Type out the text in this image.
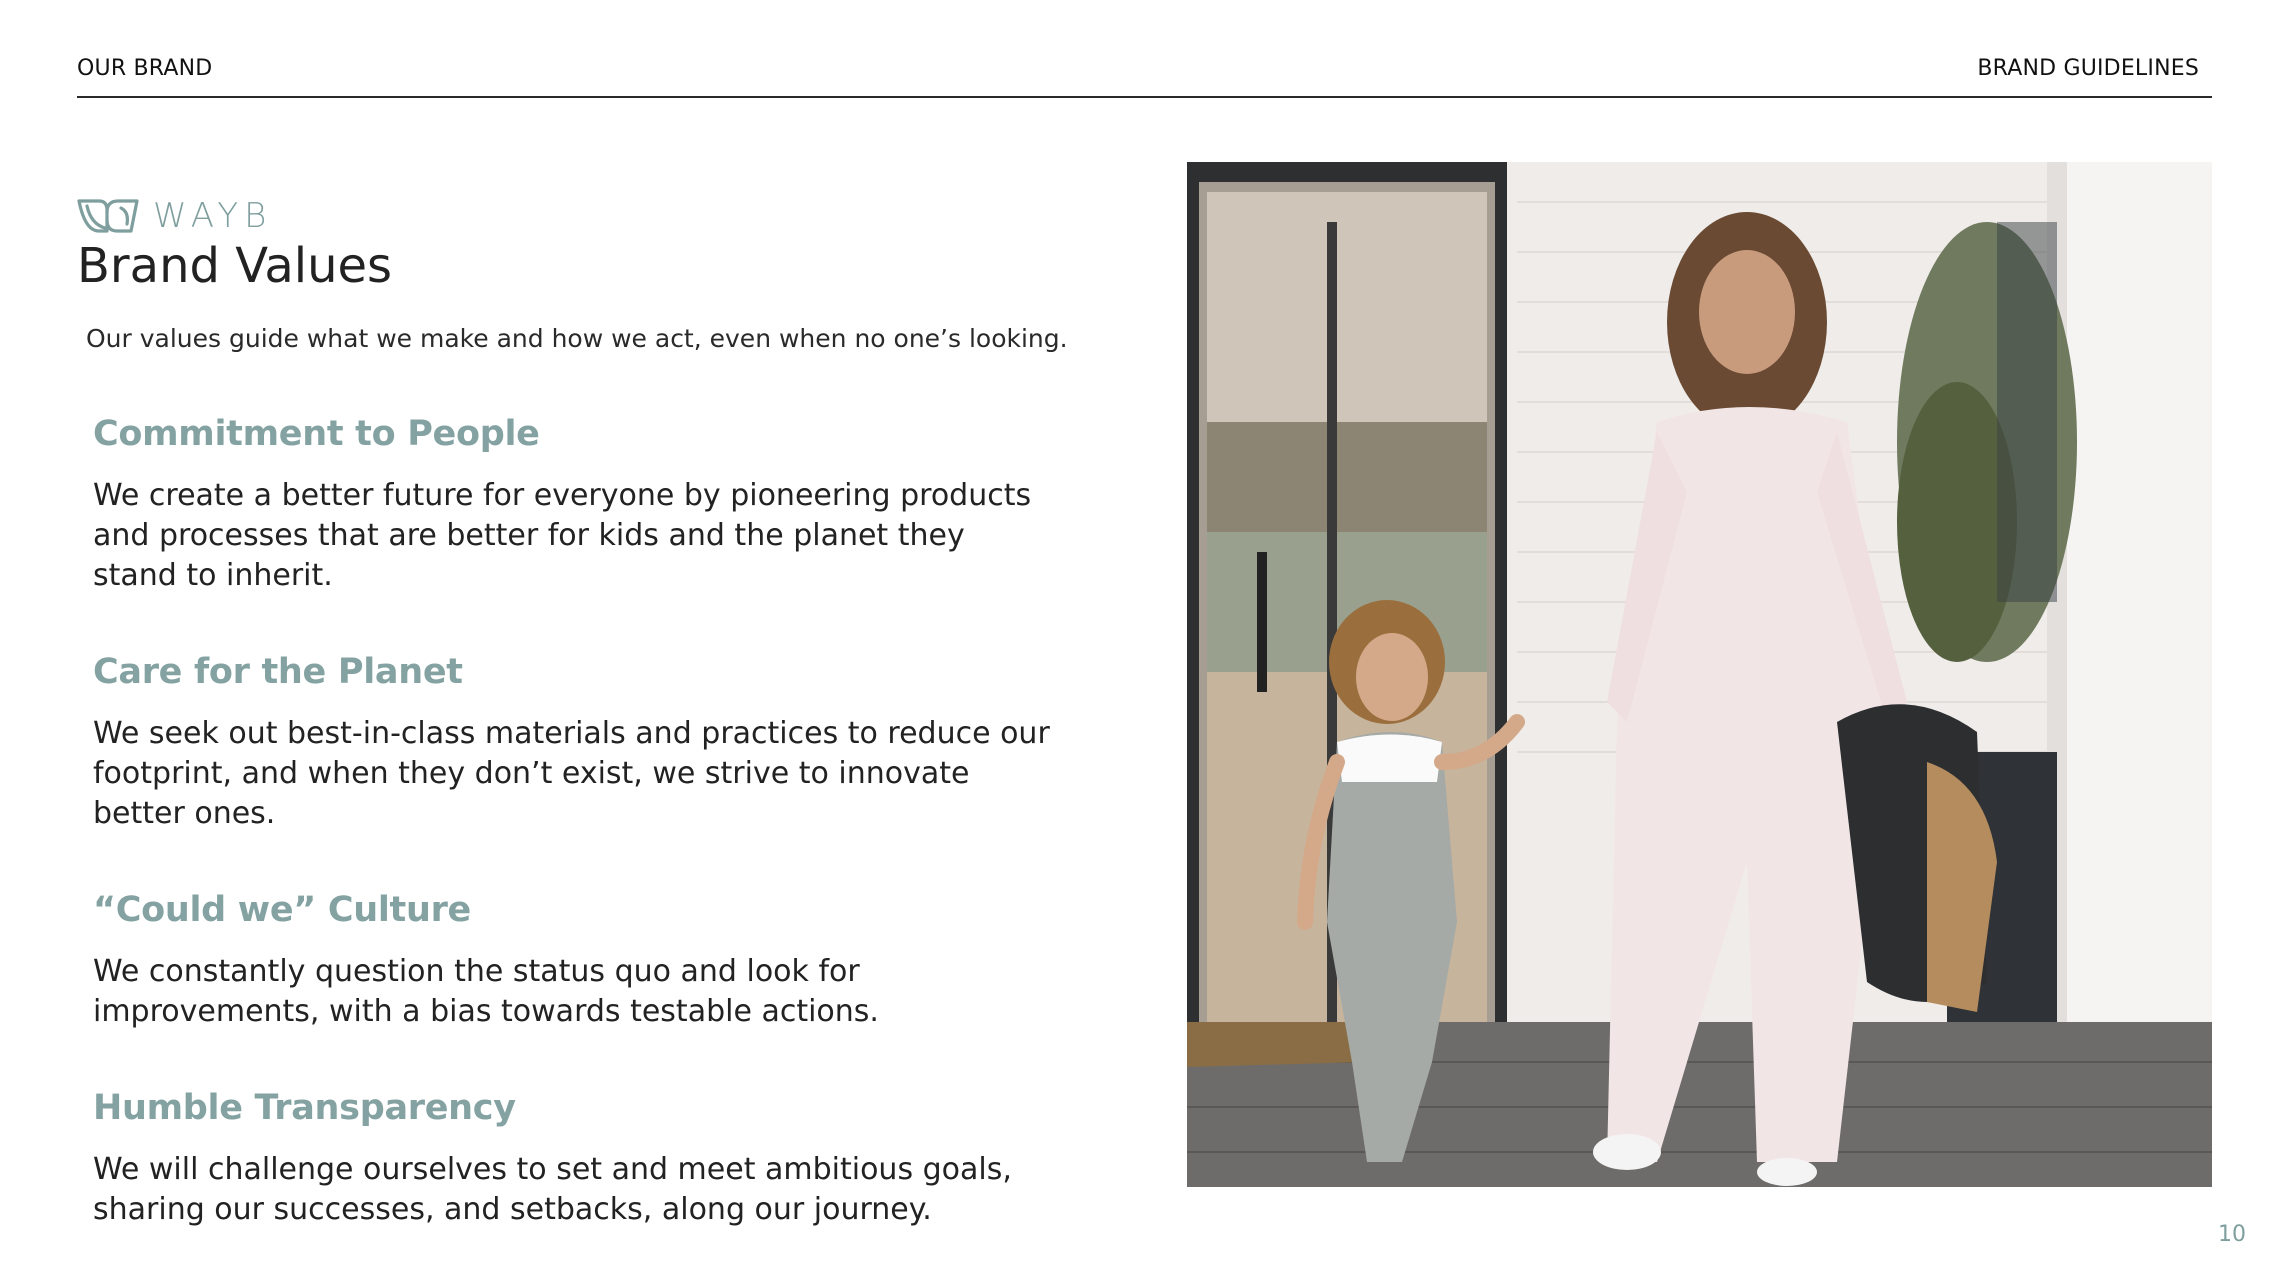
OUR BRAND	BRAND GUIDELINES
WAYB
Brand Values

Our values guide what we make and how we act, even when no one’s looking.

Commitment to People

We create a better future for everyone by pioneering products and processes that are better for kids and the planet they stand to inherit.

Care for the Planet

We seek out best-in-class materials and practices to reduce our footprint, and when they don’t exist, we strive to innovate better ones.

“Could we” Culture

We constantly question the status quo and look for improvements, with a bias towards testable actions.

Humble Transparency

We will challenge ourselves to set and meet ambitious goals, sharing our successes, and setbacks, along our journey.

10
